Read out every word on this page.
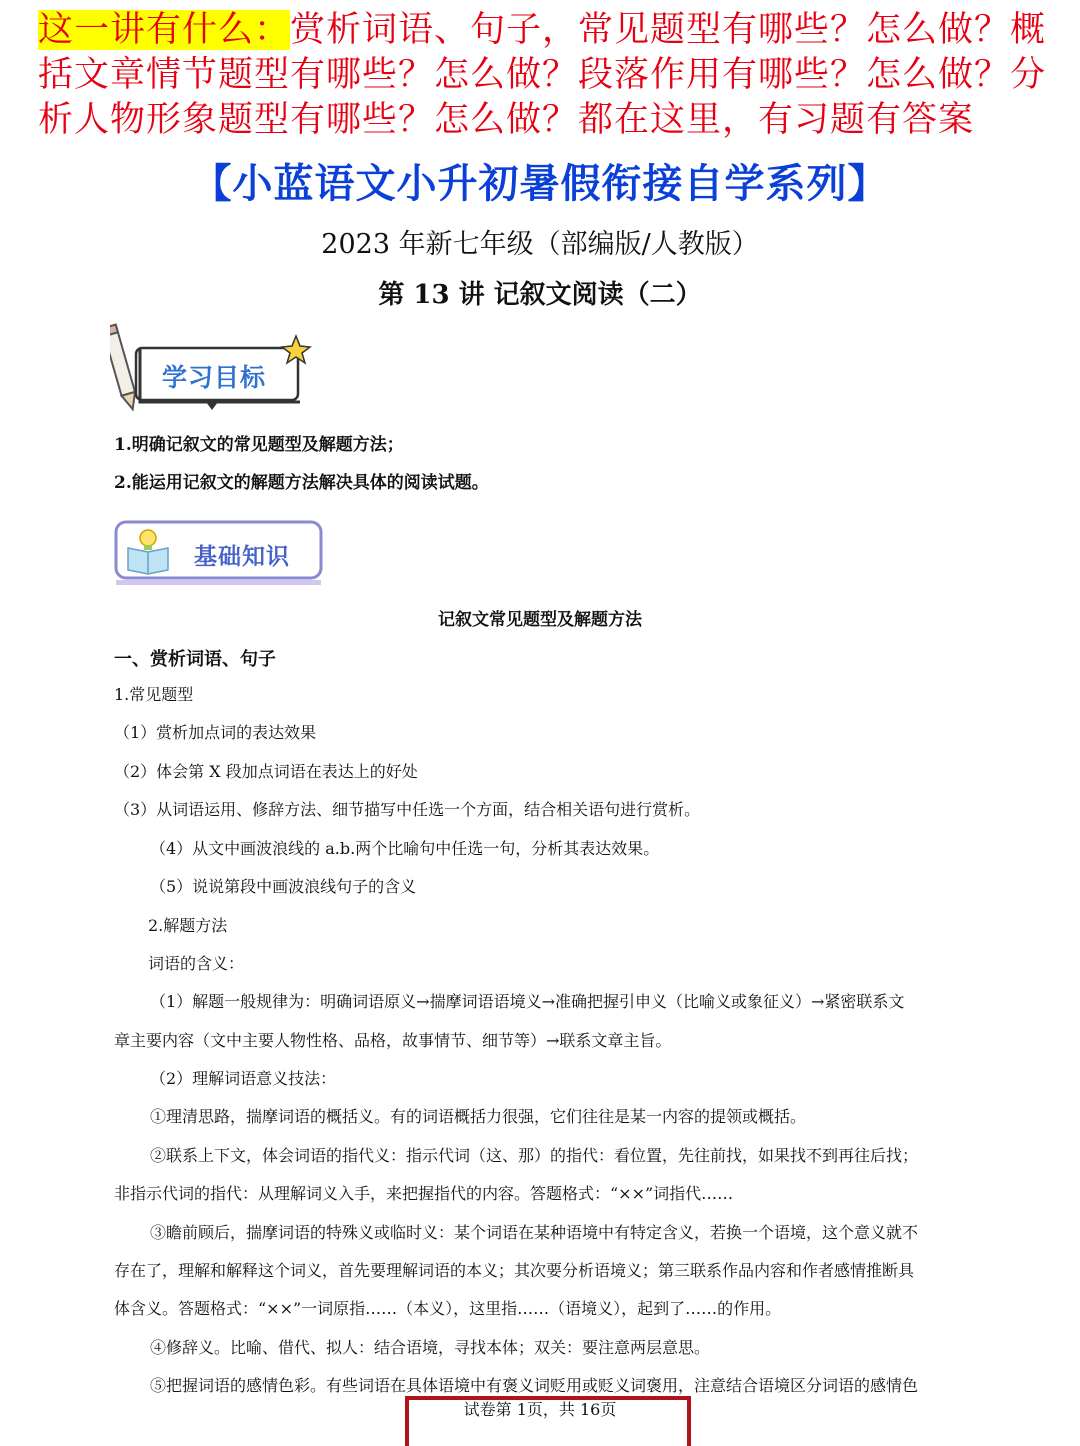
这一讲有什么：赏析词语、句子，常见题型有哪些？怎么做？概括文章情节题型有哪些？怎么做？段落作用有哪些？怎么做？分析人物形象题型有哪些？怎么做？都在这里，有习题有答案
【小蓝语文小升初暑假衔接自学系列】
2023 年新七年级（部编版/人教版）
第 13 讲 记叙文阅读（二）
学习目标
1.明确记叙文的常见题型及解题方法；
2.能运用记叙文的解题方法解决具体的阅读试题。
基础知识
记叙文常见题型及解题方法
一、赏析词语、句子
1.常见题型
（1）赏析加点词的表达效果
（2）体会第 X 段加点词语在表达上的好处
（3）从词语运用、修辞方法、细节描写中任选一个方面，结合相关语句进行赏析。
（4）从文中画波浪线的 a.b.两个比喻句中任选一句，分析其表达效果。
（5）说说第段中画波浪线句子的含义
2.解题方法
词语的含义：
（1）解题一般规律为：明确词语原义→揣摩词语语境义→准确把握引申义（比喻义或象征义）→紧密联系文
章主要内容（文中主要人物性格、品格，故事情节、细节等）→联系文章主旨。
（2）理解词语意义技法：
①理清思路，揣摩词语的概括义。有的词语概括力很强，它们往往是某一内容的提领或概括。
②联系上下文，体会词语的指代义：指示代词（这、那）的指代：看位置，先往前找，如果找不到再往后找；
非指示代词的指代：从理解词义入手，来把握指代的内容。答题格式：“××”词指代……
③瞻前顾后，揣摩词语的特殊义或临时义：某个词语在某种语境中有特定含义，若换一个语境，这个意义就不
存在了，理解和解释这个词义，首先要理解词语的本义；其次要分析语境义；第三联系作品内容和作者感情推断具
体含义。答题格式：“××”一词原指……（本义），这里指……（语境义），起到了……的作用。
④修辞义。比喻、借代、拟人：结合语境，寻找本体；双关：要注意两层意思。
⑤把握词语的感情色彩。有些词语在具体语境中有褒义词贬用或贬义词褒用，注意结合语境区分词语的感情色
试卷第 1页，共 16页
